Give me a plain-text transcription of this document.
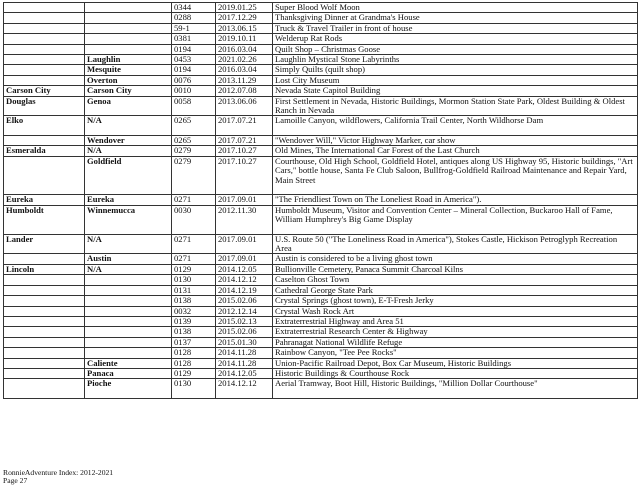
		0344	2019.01.25	Super Blood Wolf Moon
		0288	2017.12.29	Thanksgiving Dinner at Grandma's House
		59-1	2013.06.15	Truck & Travel Trailer in front of house
		0381	2019.10.11	Welderup Rat Rods
		0194	2016.03.04	Quilt Shop – Christmas Goose
	Laughlin	0453	2021.02.26	Laughlin Mystical Stone Labyrinths
	Mesquite	0194	2016.03.04	Simply Quilts (quilt shop)
	Overton	0076	2013.11.29	Lost City Museum
Carson City	Carson City	0010	2012.07.08	Nevada State Capitol Building
Douglas	Genoa	0058	2013.06.06	First Settlement in Nevada, Historic Buildings, Mormon Station State Park, Oldest Building & Oldest Ranch in Nevada
Elko	N/A	0265	2017.07.21	Lamoille Canyon, wildflowers, California Trail Center, North Wildhorse Dam
	Wendover	0265	2017.07.21	"Wendover Will," Victor Highway Marker, car show
Esmeralda	N/A	0279	2017.10.27	Old Mines, The International Car Forest of the Last Church
	Goldfield	0279	2017.10.27	Courthouse, Old High School, Goldfield Hotel, antiques along US Highway 95, Historic buildings, "Art Cars," bottle house, Santa Fe Club Saloon, Bullfrog-Goldfield Railroad Maintenance and Repair Yard, Main Street
Eureka	Eureka	0271	2017.09.01	"The Friendliest Town on The Loneliest Road in America").
Humboldt	Winnemucca	0030	2012.11.30	Humboldt Museum, Visitor and Convention Center – Mineral Collection, Buckaroo Hall of Fame, William Humphrey's Big Game Display
Lander	N/A	0271	2017.09.01	U.S. Route 50 ("The Loneliness Road in America"), Stokes Castle, Hickison Petroglyph Recreation Area
	Austin	0271	2017.09.01	Austin is considered to be a living ghost town
Lincoln	N/A	0129	2014.12.05	Bullionville Cemetery, Panaca Summit Charcoal Kilns
		0130	2014.12.12	Caselton Ghost Town
		0131	2014.12.19	Cathedral George State Park
		0138	2015.02.06	Crystal Springs (ghost town), E-T-Fresh Jerky
		0032	2012.12.14	Crystal Wash Rock Art
		0139	2015.02.13	Extraterrestrial Highway and Area 51
		0138	2015.02.06	Extraterrestrial Research Center & Highway
		0137	2015.01.30	Pahranagat National Wildlife Refuge
		0128	2014.11.28	Rainbow Canyon, "Tee Pee Rocks"
	Caliente	0128	2014.11.28	Union-Pacific Railroad Depot, Box Car Museum, Historic Buildings
	Panaca	0129	2014.12.05	Historic Buildings & Courthouse Rock
	Pioche	0130	2014.12.12	Aerial Tramway, Boot Hill, Historic Buildings, "Million Dollar Courthouse"
RonnieAdventure Index: 2012-2021
Page 27
